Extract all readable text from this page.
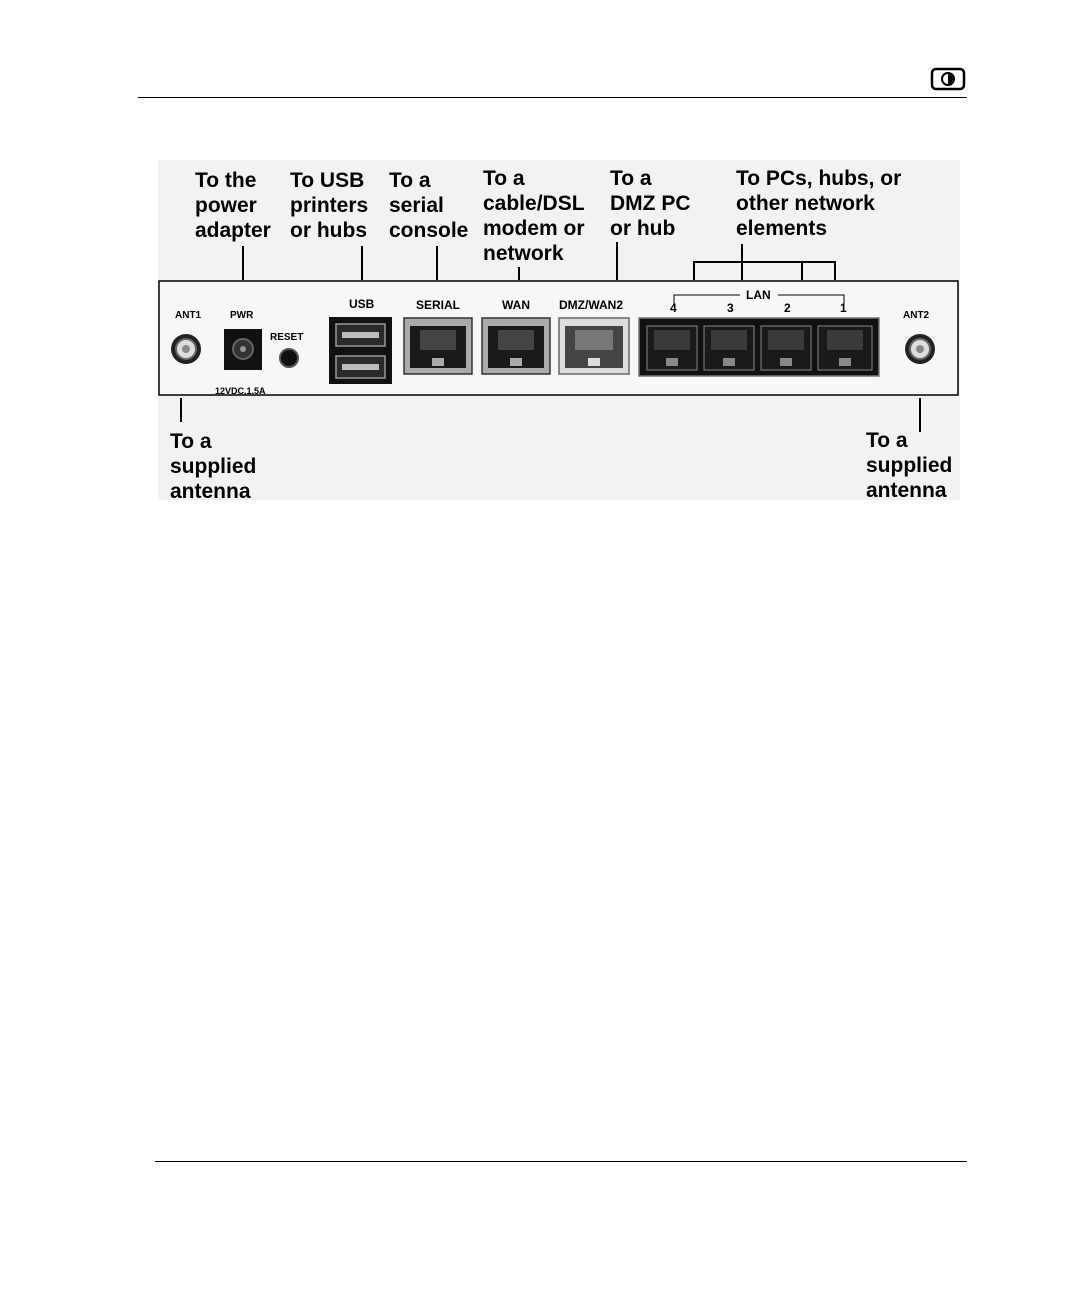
To the
power
adapter
To USB
printers
or hubs
To a
serial
console
To a
cable/DSL
modem or
network
To a
DMZ PC
or hub
To PCs, hubs, or
other network
elements
ANT1	PWR
12VDC,1.5A
RESET
USB	SERIAL	WAN DMZ/WAN2
LAN
4	3	2	1
ANT2
To a
supplied
antenna
To a
supplied
antenna
